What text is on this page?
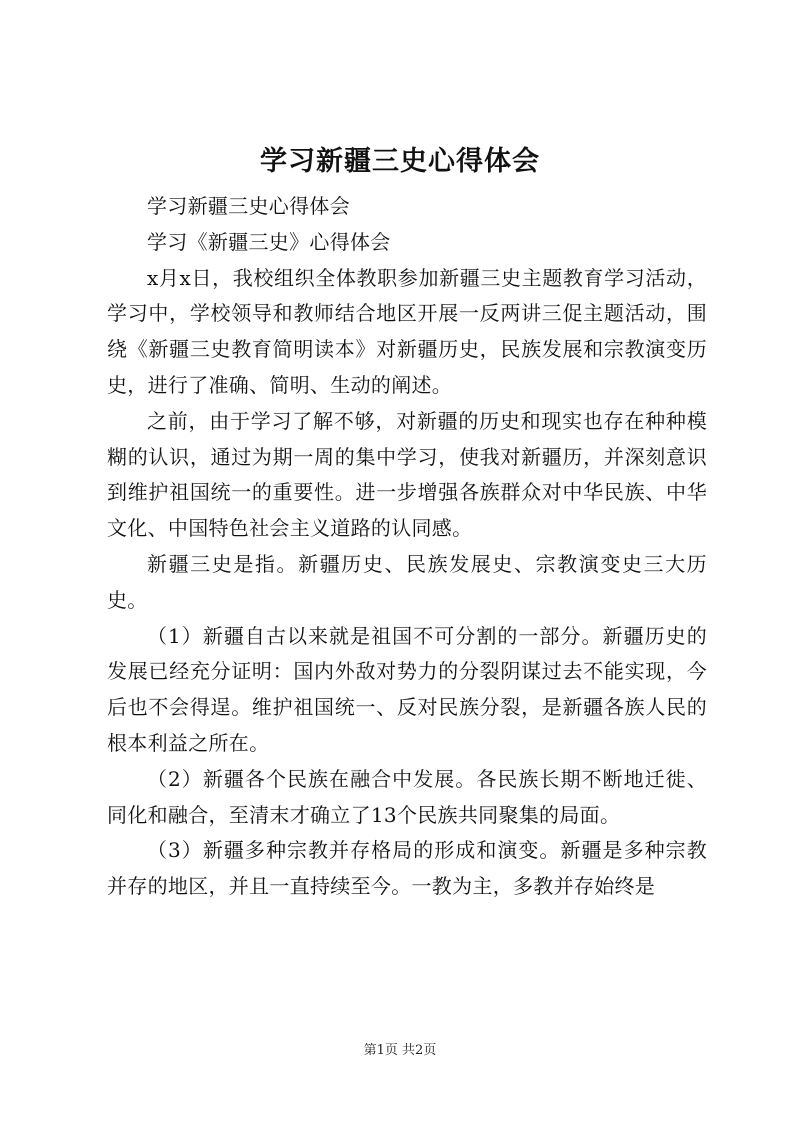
学习新疆三史心得体会

学习新疆三史心得体会

学习《新疆三史》心得体会

x月x日，我校组织全体教职参加新疆三史主题教育学习活动，学习中，学校领导和教师结合地区开展一反两讲三促主题活动，围绕《新疆三史教育简明读本》对新疆历史，民族发展和宗教演变历史，进行了准确、简明、生动的阐述。

之前，由于学习了解不够，对新疆的历史和现实也存在种种模糊的认识，通过为期一周的集中学习，使我对新疆历，并深刻意识到维护祖国统一的重要性。进一步增强各族群众对中华民族、中华文化、中国特色社会主义道路的认同感。

新疆三史是指。新疆历史、民族发展史、宗教演变史三大历史。

（1）新疆自古以来就是祖国不可分割的一部分。新疆历史的发展已经充分证明：国内外敌对势力的分裂阴谋过去不能实现，今后也不会得逞。维护祖国统一、反对民族分裂，是新疆各族人民的根本利益之所在。

（2）新疆各个民族在融合中发展。各民族长期不断地迁徙、同化和融合，至清末才确立了13个民族共同聚集的局面。

（3）新疆多种宗教并存格局的形成和演变。新疆是多种宗教并存的地区，并且一直持续至今。一教为主，多教并存始终是

第1页 共2页
